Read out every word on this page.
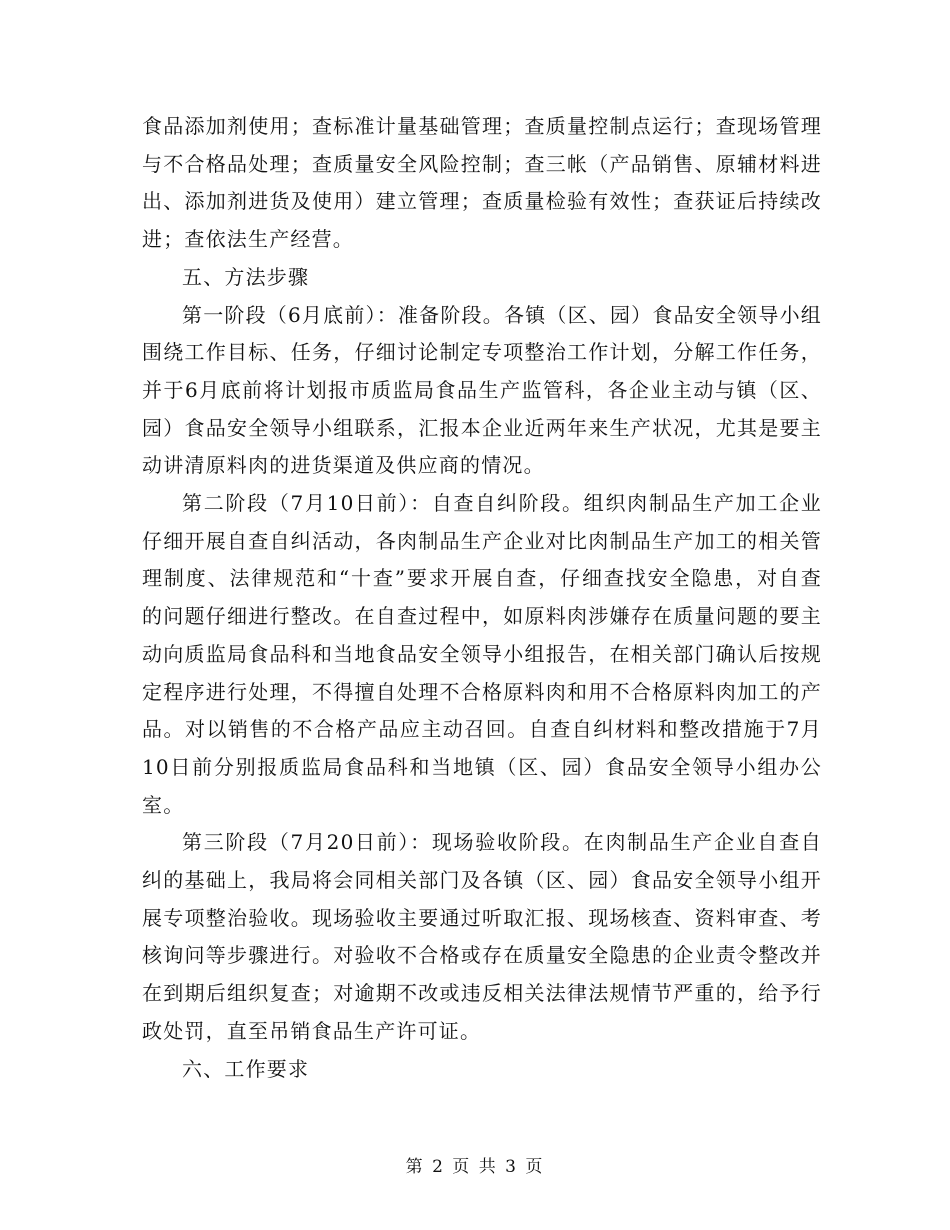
食品添加剂使用；查标准计量基础管理；查质量控制点运行；查现场管理与不合格品处理；查质量安全风险控制；查三帐（产品销售、原辅材料进出、添加剂进货及使用）建立管理；查质量检验有效性；查获证后持续改进；查依法生产经营。

五、方法步骤

第一阶段（6月底前）：准备阶段。各镇（区、园）食品安全领导小组围绕工作目标、任务，仔细讨论制定专项整治工作计划，分解工作任务，并于6月底前将计划报市质监局食品生产监管科，各企业主动与镇（区、园）食品安全领导小组联系，汇报本企业近两年来生产状况，尤其是要主动讲清原料肉的进货渠道及供应商的情况。

第二阶段（7月10日前）：自查自纠阶段。组织肉制品生产加工企业仔细开展自查自纠活动，各肉制品生产企业对比肉制品生产加工的相关管理制度、法律规范和“十查”要求开展自查，仔细查找安全隐患，对自查的问题仔细进行整改。在自查过程中，如原料肉涉嫌存在质量问题的要主动向质监局食品科和当地食品安全领导小组报告，在相关部门确认后按规定程序进行处理，不得擅自处理不合格原料肉和用不合格原料肉加工的产品。对以销售的不合格产品应主动召回。自查自纠材料和整改措施于7月10日前分别报质监局食品科和当地镇（区、园）食品安全领导小组办公室。

第三阶段（7月20日前）：现场验收阶段。在肉制品生产企业自查自纠的基础上，我局将会同相关部门及各镇（区、园）食品安全领导小组开展专项整治验收。现场验收主要通过听取汇报、现场核查、资料审查、考核询问等步骤进行。对验收不合格或存在质量安全隐患的企业责令整改并在到期后组织复查；对逾期不改或违反相关法律法规情节严重的，给予行政处罚，直至吊销食品生产许可证。

六、工作要求

第 2 页 共 3 页
